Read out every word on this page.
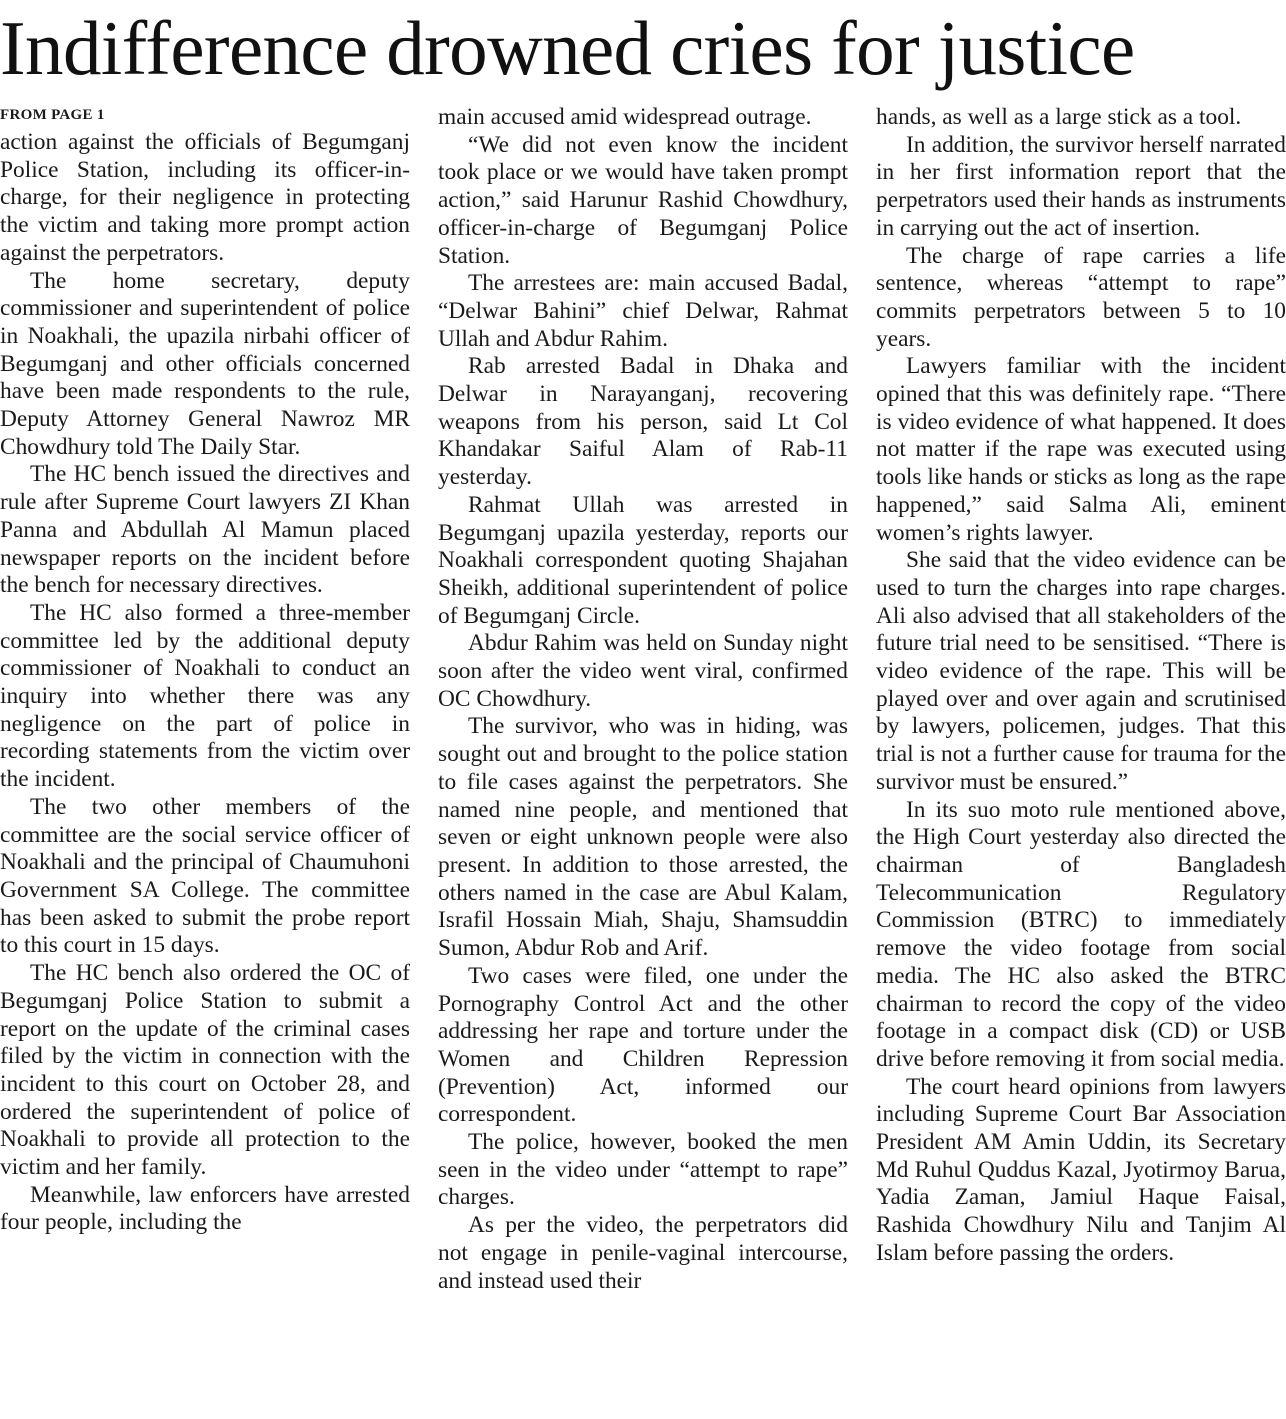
Indifference drowned cries for justice
FROM PAGE 1

action against the officials of Begumganj Police Station, including its officer-in-charge, for their negligence in protecting the victim and taking more prompt action against the perpetrators.

The home secretary, deputy commissioner and superintendent of police in Noakhali, the upazila nirbahi officer of Begumganj and other officials concerned have been made respondents to the rule, Deputy Attorney General Nawroz MR Chowdhury told The Daily Star.

The HC bench issued the directives and rule after Supreme Court lawyers ZI Khan Panna and Abdullah Al Mamun placed newspaper reports on the incident before the bench for necessary directives.

The HC also formed a three-member committee led by the additional deputy commissioner of Noakhali to conduct an inquiry into whether there was any negligence on the part of police in recording statements from the victim over the incident.

The two other members of the committee are the social service officer of Noakhali and the principal of Chaumuhoni Government SA College. The committee has been asked to submit the probe report to this court in 15 days.

The HC bench also ordered the OC of Begumganj Police Station to submit a report on the update of the criminal cases filed by the victim in connection with the incident to this court on October 28, and ordered the superintendent of police of Noakhali to provide all protection to the victim and her family.

Meanwhile, law enforcers have arrested four people, including the

main accused amid widespread outrage.

“We did not even know the incident took place or we would have taken prompt action,” said Harunur Rashid Chowdhury, officer-in-charge of Begumganj Police Station.

The arrestees are: main accused Badal, “Delwar Bahini” chief Delwar, Rahmat Ullah and Abdur Rahim.

Rab arrested Badal in Dhaka and Delwar in Narayanganj, recovering weapons from his person, said Lt Col Khandakar Saiful Alam of Rab-11 yesterday.

Rahmat Ullah was arrested in Begumganj upazila yesterday, reports our Noakhali correspondent quoting Shajahan Sheikh, additional superintendent of police of Begumganj Circle.

Abdur Rahim was held on Sunday night soon after the video went viral, confirmed OC Chowdhury.

The survivor, who was in hiding, was sought out and brought to the police station to file cases against the perpetrators. She named nine people, and mentioned that seven or eight unknown people were also present. In addition to those arrested, the others named in the case are Abul Kalam, Israfil Hossain Miah, Shaju, Shamsuddin Sumon, Abdur Rob and Arif.

Two cases were filed, one under the Pornography Control Act and the other addressing her rape and torture under the Women and Children Repression (Prevention) Act, informed our correspondent.

The police, however, booked the men seen in the video under “attempt to rape” charges.

As per the video, the perpetrators did not engage in penile-vaginal intercourse, and instead used their

hands, as well as a large stick as a tool.

In addition, the survivor herself narrated in her first information report that the perpetrators used their hands as instruments in carrying out the act of insertion.

The charge of rape carries a life sentence, whereas “attempt to rape” commits perpetrators between 5 to 10 years.

Lawyers familiar with the incident opined that this was definitely rape. “There is video evidence of what happened. It does not matter if the rape was executed using tools like hands or sticks as long as the rape happened,” said Salma Ali, eminent women’s rights lawyer.

She said that the video evidence can be used to turn the charges into rape charges. Ali also advised that all stakeholders of the future trial need to be sensitised. “There is video evidence of the rape. This will be played over and over again and scrutinised by lawyers, policemen, judges. That this trial is not a further cause for trauma for the survivor must be ensured.”

In its suo moto rule mentioned above, the High Court yesterday also directed the chairman of Bangladesh Telecommunication Regulatory Commission (BTRC) to immediately remove the video footage from social media. The HC also asked the BTRC chairman to record the copy of the video footage in a compact disk (CD) or USB drive before removing it from social media.

The court heard opinions from lawyers including Supreme Court Bar Association President AM Amin Uddin, its Secretary Md Ruhul Quddus Kazal, Jyotirmoy Barua, Yadia Zaman, Jamiul Haque Faisal, Rashida Chowdhury Nilu and Tanjim Al Islam before passing the orders.
